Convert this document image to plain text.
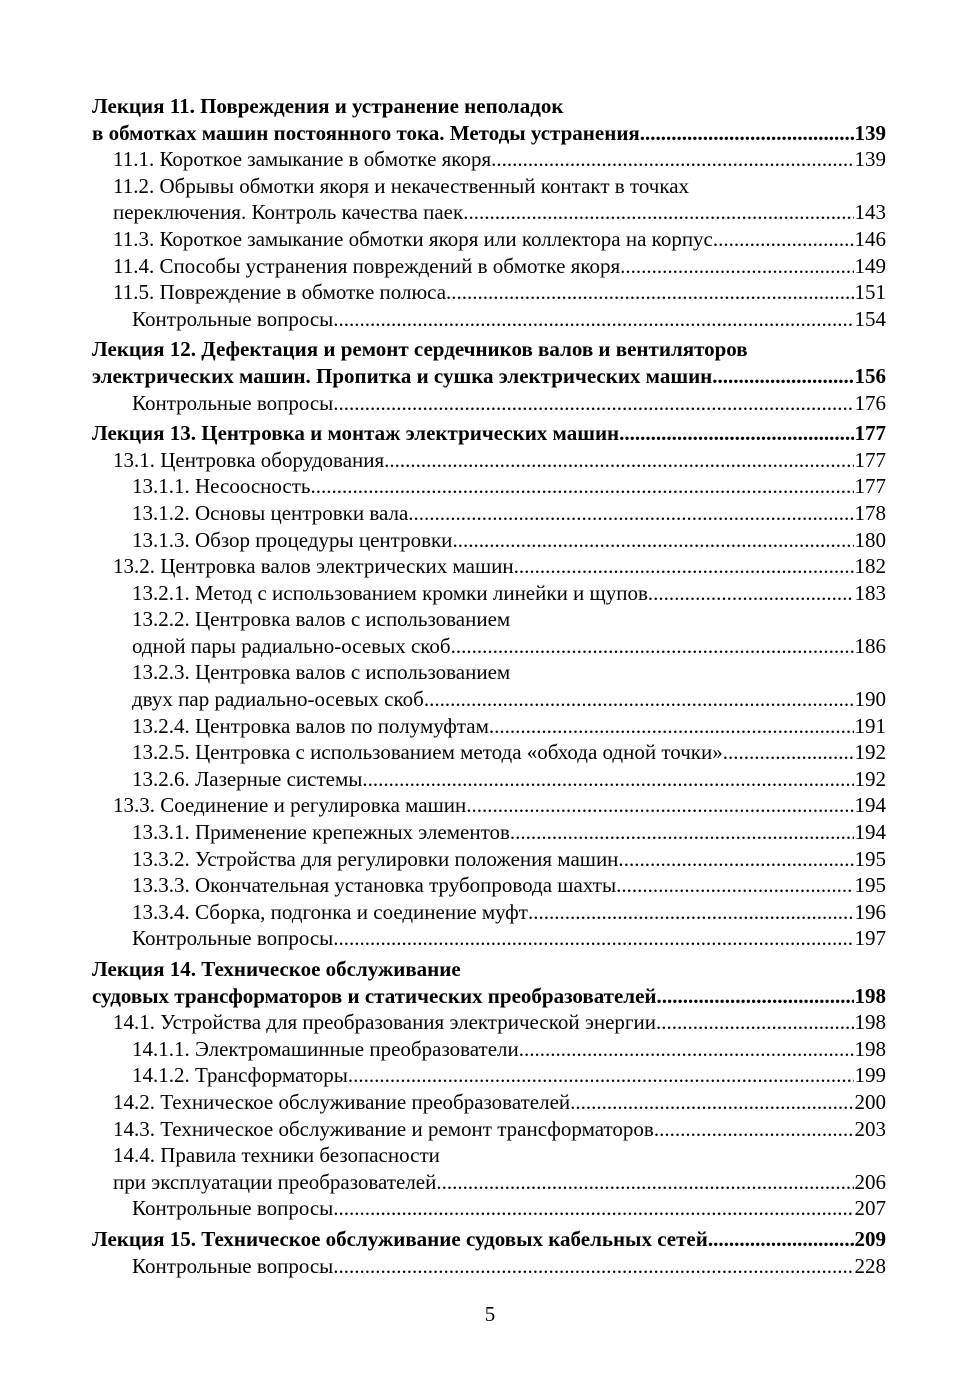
Лекция 11. Повреждения и устранение неполадок
в обмотках машин постоянного тока. Методы устранения .....	139
11.1. Короткое замыкание в обмотке якоря .....	139
11.2. Обрывы обмотки якоря и некачественный контакт в точках
переключения. Контроль качества паек .....	143
11.3. Короткое замыкание обмотки якоря или коллектора на корпус .....	146
11.4. Способы устранения повреждений в обмотке якоря .....	149
11.5. Повреждение в обмотке полюса .....	151
Контрольные вопросы .....	154
Лекция 12. Дефектация и ремонт сердечников валов и вентиляторов
электрических машин. Пропитка и сушка электрических машин .....	156
Контрольные вопросы .....	176
Лекция 13. Центровка и монтаж электрических машин .....	177
13.1. Центровка оборудования .....	177
13.1.1. Несоосность .....	177
13.1.2. Основы центровки вала .....	178
13.1.3. Обзор процедуры центровки .....	180
13.2. Центровка валов электрических машин .....	182
13.2.1. Метод с использованием кромки линейки и щупов .....	183
13.2.2. Центровка валов с использованием
одной пары радиально-осевых скоб .....	186
13.2.3. Центровка валов с использованием
двух пар радиально-осевых скоб .....	190
13.2.4. Центровка валов по полумуфтам .....	191
13.2.5. Центровка с использованием метода «обхода одной точки» .....	192
13.2.6. Лазерные системы .....	192
13.3. Соединение и регулировка машин .....	194
13.3.1. Применение крепежных элементов .....	194
13.3.2. Устройства для регулировки положения машин. .....	195
13.3.3. Окончательная установка трубопровода шахты .....	195
13.3.4. Сборка, подгонка и соединение муфт .....	196
Контрольные вопросы .....	197
Лекция 14. Техническое обслуживание
судовых трансформаторов и статических преобразователей .....	198
14.1. Устройства для преобразования электрической энергии .....	198
14.1.1. Электромашинные преобразователи .....	198
14.1.2. Трансформаторы .....	199
14.2. Техническое обслуживание преобразователей .....	200
14.3. Техническое обслуживание и ремонт трансформаторов .....	203
14.4. Правила техники безопасности
при эксплуатации преобразователей .....	206
Контрольные вопросы .....	207
Лекция 15. Техническое обслуживание судовых кабельных сетей .....	209
Контрольные вопросы .....	228
5
